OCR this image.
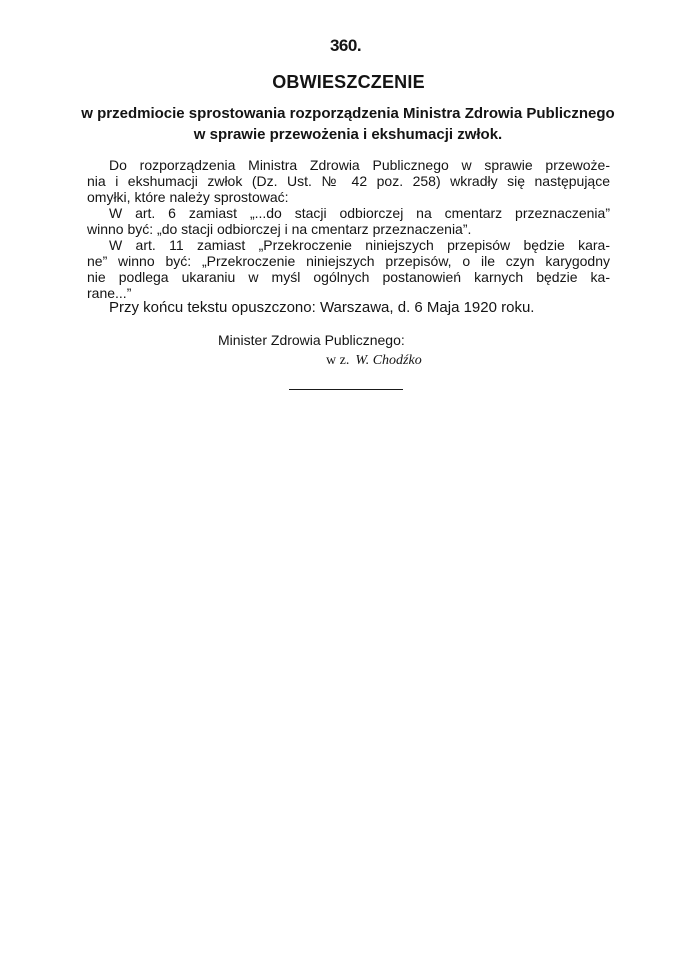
360.
OBWIESZCZENIE
w przedmiocie sprostowania rozporządzenia Ministra Zdrowia Publicznego w sprawie przewożenia i ekshumacji zwłok.
Do rozporządzenia Ministra Zdrowia Publicznego w sprawie przewoże-
nia i ekshumacji zwłok (Dz. Ust. № 42 poz. 258) wkradły się następujące
omyłki, które należy sprostować:
W art. 6 zamiast „...do stacji odbiorczej na cmentarz przeznaczenia”
winno być: „do stacji odbiorczej i na cmentarz przeznaczenia”.
W art. 11 zamiast „Przekroczenie niniejszych przepisów będzie kara-
ne” winno być: „Przekroczenie niniejszych przepisów, o ile czyn karygodny
nie podlega ukaraniu w myśl ogólnych postanowień karnych będzie ka-
rane...”
Przy końcu tekstu opuszczono: Warszawa, d. 6 Maja 1920 roku.
Minister Zdrowia Publicznego:
w z. W. Chodźko
